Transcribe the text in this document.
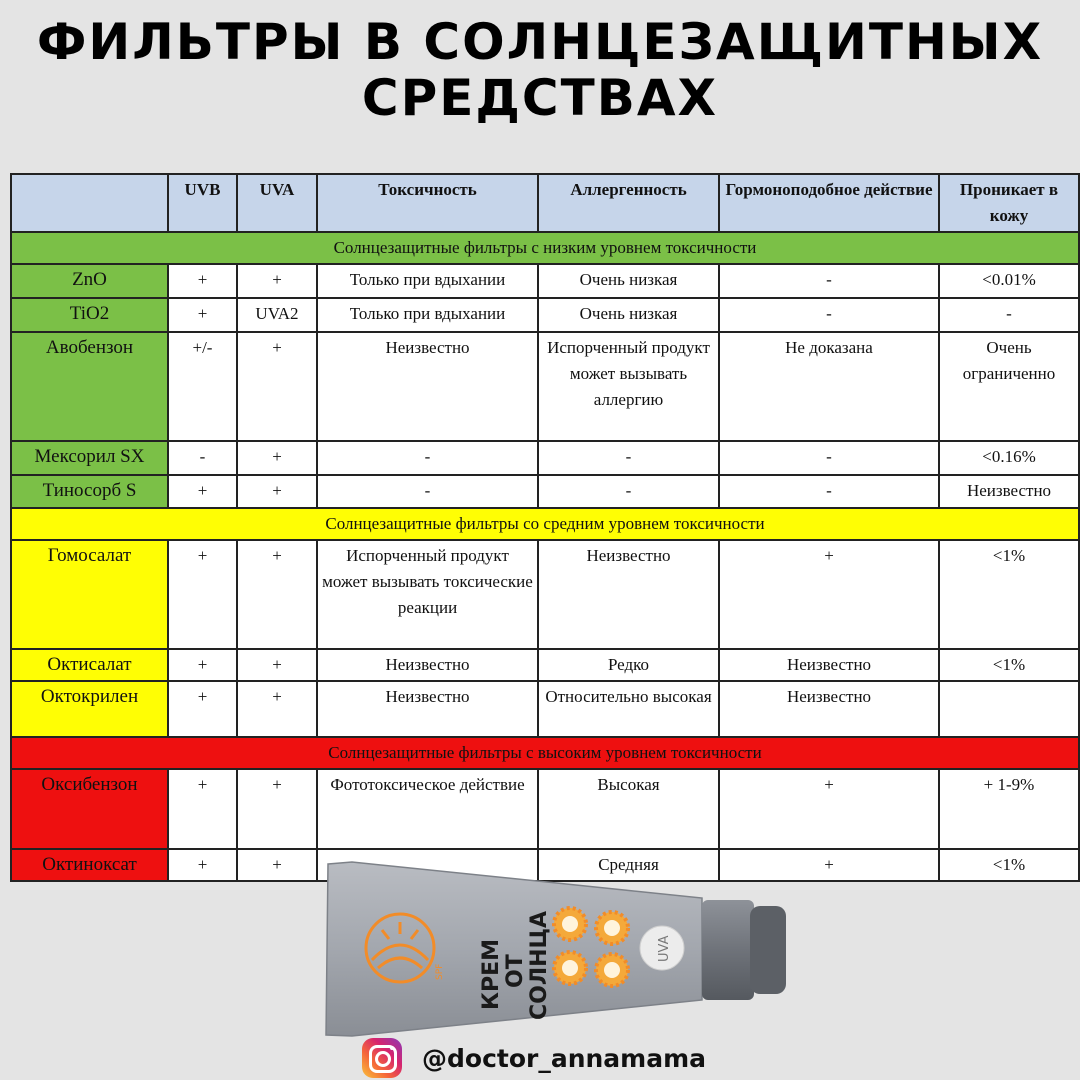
ФИЛЬТРЫ В СОЛНЦЕЗАЩИТНЫХ
СРЕДСТВАХ
	UVB	UVA	Токсичность	Аллергенность	Гормоноподобное действие	Проникает в кожу
Солнцезащитные фильтры с низким уровнем токсичности						
ZnO	+	+	Только при вдыхании	Очень низкая	-	<0.01%
TiO2	+	UVA2	Только при вдыхании	Очень низкая	-	-
Авобензон	+/-	+	Неизвестно	Испорченный продукт может вызывать аллергию	Не доказана	Очень ограниченно
Мексорил SX	-	+	-	-	-	<0.16%
Тиносорб S	+	+	-	-	-	Неизвестно
Солнцезащитные фильтры со средним уровнем токсичности						
Гомосалат	+	+	Испорченный продукт может вызывать токсические реакции	Неизвестно	+	<1%
Октисалат	+	+	Неизвестно	Редко	Неизвестно	<1%
Октокрилен	+	+	Неизвестно	Относительно высокая	Неизвестно	
Солнцезащитные фильтры с высоким уровнем токсичности						
Оксибензон	+	+	Фототоксическое действие	Высокая	+	+ 1-9%
Октиноксат	+	+		Средняя	+	<1%
SPF КРЕМ ОТ СОЛНЦА	UVA
@doctor_annamama
